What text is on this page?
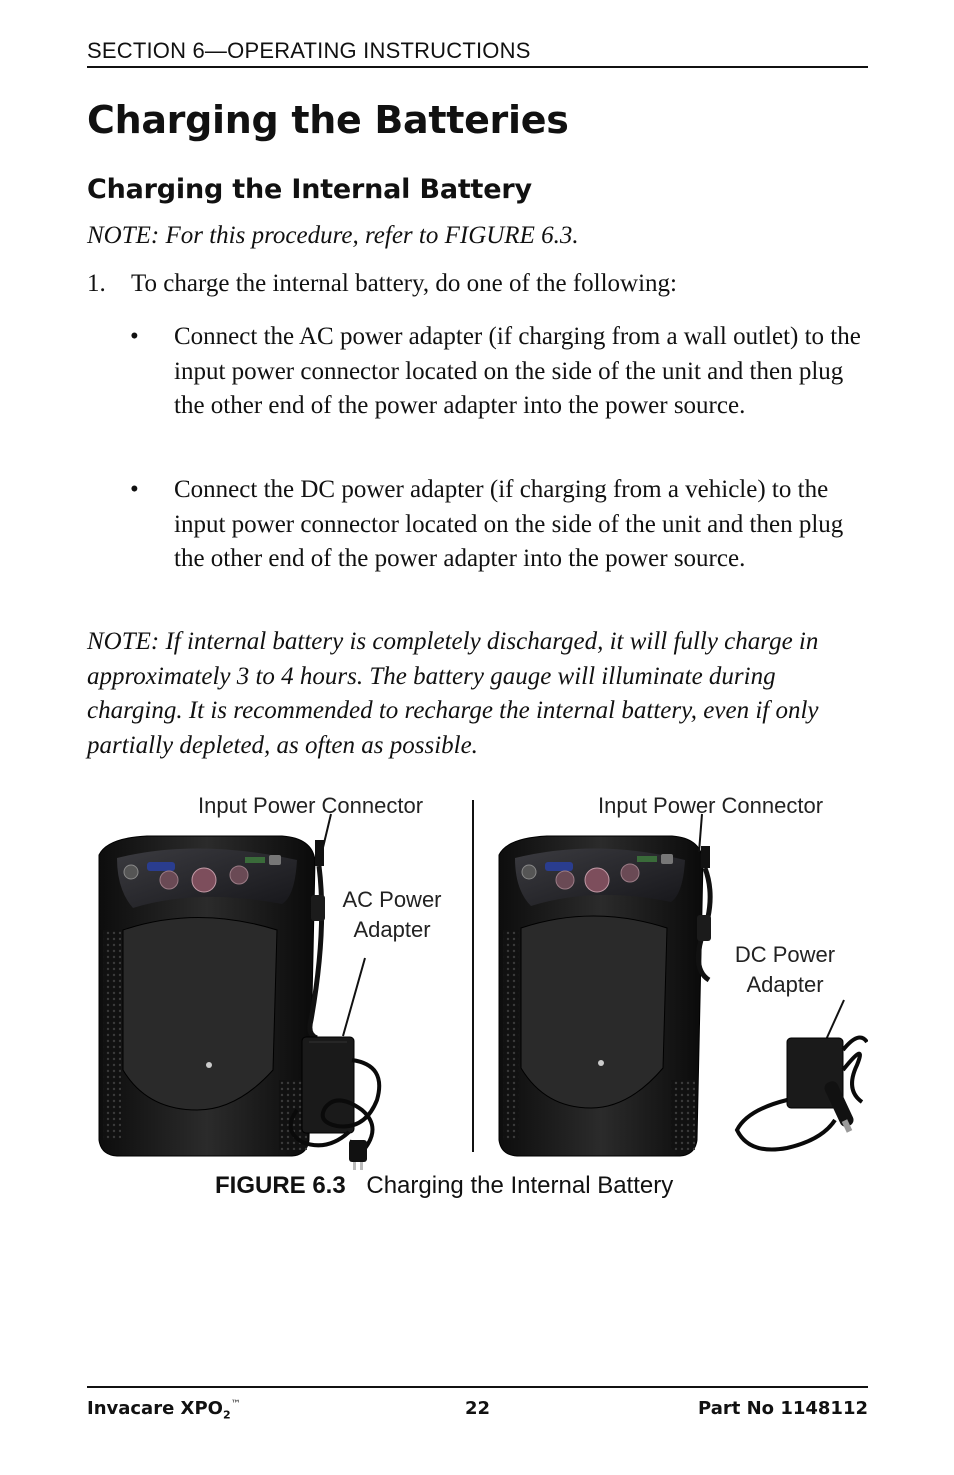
SECTION 6—OPERATING INSTRUCTIONS
Charging the Batteries
Charging the Internal Battery
NOTE: For this procedure, refer to FIGURE 6.3.
1. To charge the internal battery, do one of the following:
• Connect the AC power adapter (if charging from a wall outlet) to the input power connector located on the side of the unit and then plug the other end of the power adapter into the power source.
• Connect the DC power adapter (if charging from a vehicle) to the input power connector located on the side of the unit and then plug the other end of the power adapter into the power source.
NOTE: If internal battery is completely discharged, it will fully charge in approximately 3 to 4 hours. The battery gauge will illuminate during charging. It is recommended to recharge the internal battery, even if only partially depleted, as often as possible.
Input Power Connector
AC Power
Adapter
Input Power Connector
DC Power
Adapter
FIGURE 6.3 Charging the Internal Battery
Invacare $XPO_2™$	22	Part No 1148112
